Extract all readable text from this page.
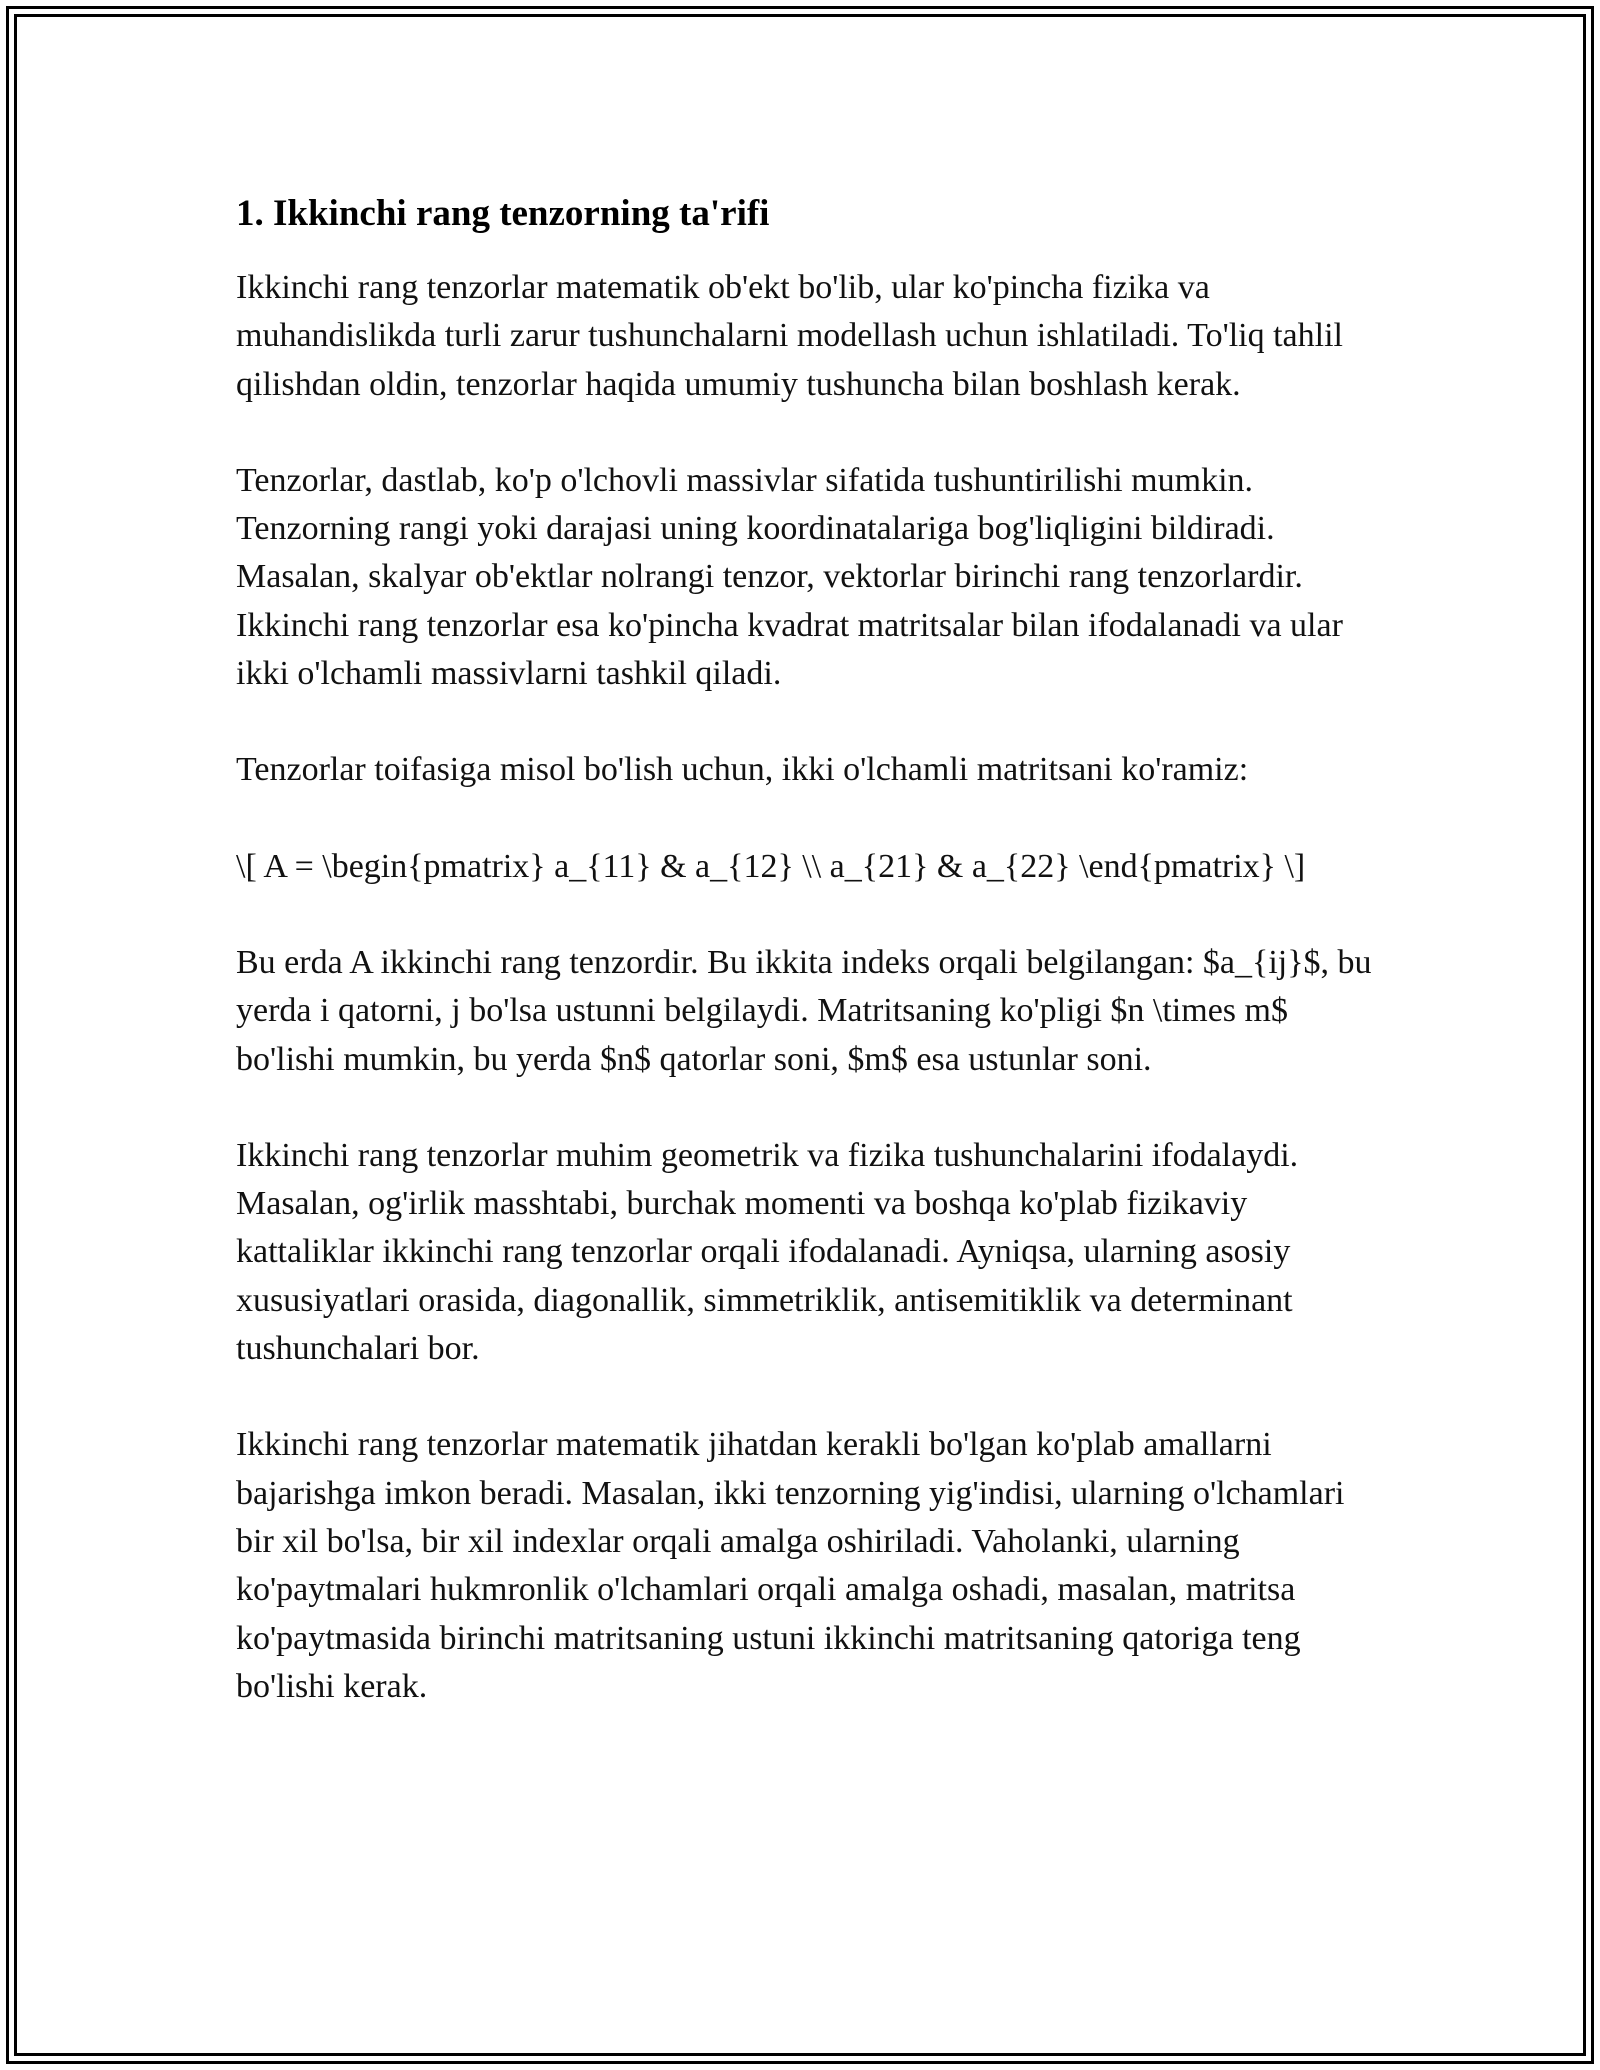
1. Ikkinchi rang tenzorning ta'rifi

Ikkinchi rang tenzorlar matematik ob'ekt bo'lib, ular ko'pincha fizika va muhandislikda turli zarur tushunchalarni modellash uchun ishlatiladi. To'liq tahlil qilishdan oldin, tenzorlar haqida umumiy tushuncha bilan boshlash kerak.

Tenzorlar, dastlab, ko'p o'lchovli massivlar sifatida tushuntirilishi mumkin. Tenzorning rangi yoki darajasi uning koordinatalariga bog'liqligini bildiradi. Masalan, skalyar ob'ektlar nolrangi tenzor, vektorlar birinchi rang tenzorlardir. Ikkinchi rang tenzorlar esa ko'pincha kvadrat matritsalar bilan ifodalanadi va ular ikki o'lchamli massivlarni tashkil qiladi.

Tenzorlar toifasiga misol bo'lish uchun, ikki o'lchamli matritsani ko'ramiz:

\[ A = \begin{pmatrix} a_{11} & a_{12} \\ a_{21} & a_{22} \end{pmatrix} \]

Bu erda A ikkinchi rang tenzordir. Bu ikkita indeks orqali belgilangan: $a_{ij}$, bu yerda i qatorni, j bo'lsa ustunni belgilaydi. Matritsaning ko'pligi $n \times m$ bo'lishi mumkin, bu yerda $n$ qatorlar soni, $m$ esa ustunlar soni.

Ikkinchi rang tenzorlar muhim geometrik va fizika tushunchalarini ifodalaydi. Masalan, og'irlik masshtabi, burchak momenti va boshqa ko'plab fizikaviy kattaliklar ikkinchi rang tenzorlar orqali ifodalanadi. Ayniqsa, ularning asosiy xususiyatlari orasida, diagonallik, simmetriklik, antisemitiklik va determinant tushunchalari bor.

Ikkinchi rang tenzorlar matematik jihatdan kerakli bo'lgan ko'plab amallarni bajarishga imkon beradi. Masalan, ikki tenzorning yig'indisi, ularning o'lchamlari bir xil bo'lsa, bir xil indexlar orqali amalga oshiriladi. Vaholanki, ularning ko'paytmalari hukmronlik o'lchamlari orqali amalga oshadi, masalan, matritsa ko'paytmasida birinchi matritsaning ustuni ikkinchi matritsaning qatoriga teng bo'lishi kerak.
